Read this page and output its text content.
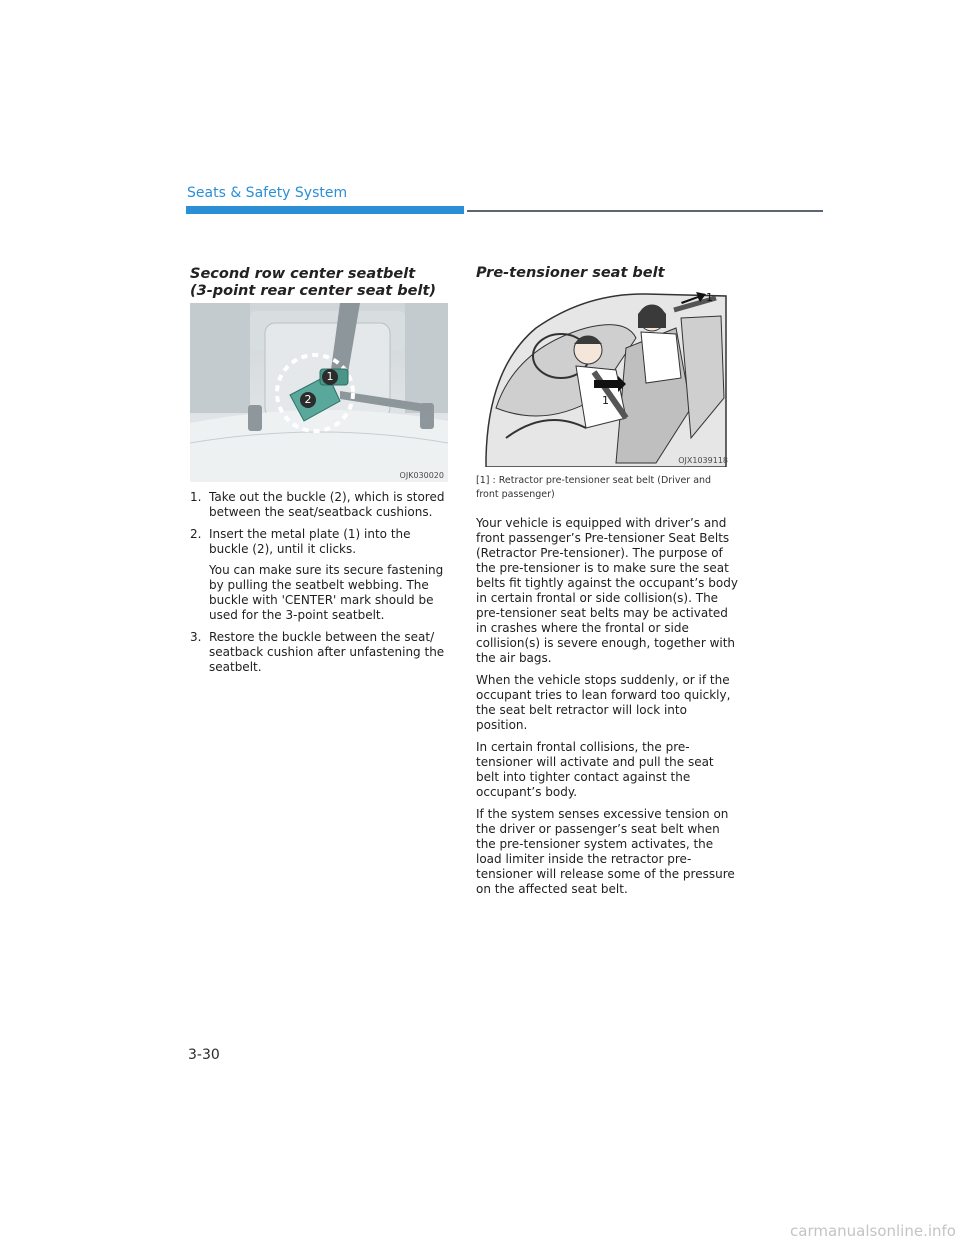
Seats & Safety System
Second row center seatbelt
(3-point rear center seat belt)
1
2
OJK030020
1. Take out the buckle (2), which is stored between the seat/seatback cushions.
2. Insert the metal plate (1) into the buckle (2), until it clicks.
You can make sure its secure fastening by pulling the seatbelt webbing. The buckle with 'CENTER' mark should be used for the 3-point seatbelt.
3. Restore the buckle between the seat/ seatback cushion after unfastening the seatbelt.
Pre-tensioner seat belt
1
1
OJX1039118
[1] : Retractor pre-tensioner seat belt (Driver and front passenger)

Your vehicle is equipped with driver’s and front passenger’s Pre-tensioner Seat Belts (Retractor Pre-tensioner). The purpose of the pre-tensioner is to make sure the seat belts fit tightly against the occupant’s body in certain frontal or side collision(s). The pre-tensioner seat belts may be activated in crashes where the frontal or side collision(s) is severe enough, together with the air bags.

When the vehicle stops suddenly, or if the occupant tries to lean forward too quickly, the seat belt retractor will lock into position.

In certain frontal collisions, the pre-tensioner will activate and pull the seat belt into tighter contact against the occupant’s body.

If the system senses excessive tension on the driver or passenger’s seat belt when the pre-tensioner system activates, the load limiter inside the retractor pre-tensioner will release some of the pressure on the affected seat belt.

3-30
carmanualsonline.info
